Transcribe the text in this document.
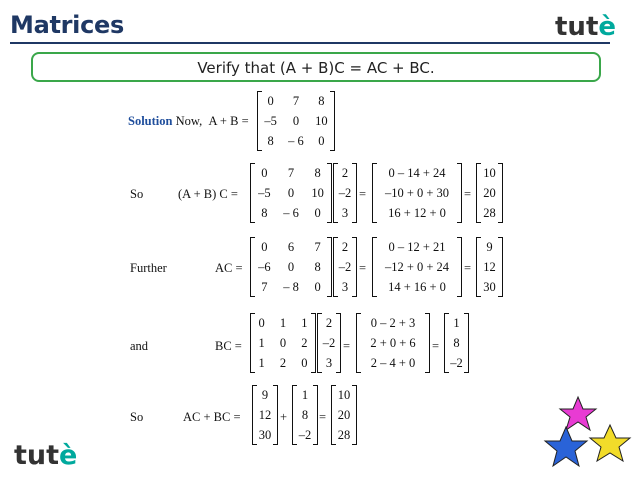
Matrices	tutè
Verify that (A + B)C = AC + BC.
Solution Now, A + B =
0	7	8
–5	0	10
8	– 6	0
So	(A + B) C =
0	7	8
–5	0	10
8	– 6	0
2
–2
3
=
0 – 14 + 24
–10 + 0 + 30
16 + 12 + 0
=
10
20
28
Further	AC =
0	6	7
–6	0	8
7	– 8	0
2
–2
3
=
0 – 12 + 21
–12 + 0 + 24
14 + 16 + 0
=
9
12
30
and	BC =
0	1	1
1	0	2
1	2	0
2
–2
3
=
0 – 2 + 3
2 + 0 + 6
2 – 4 + 0
=
1
8
–2
So	AC + BC =
9
12
30
+
1
8
–2
=
10
20
28
tutè
